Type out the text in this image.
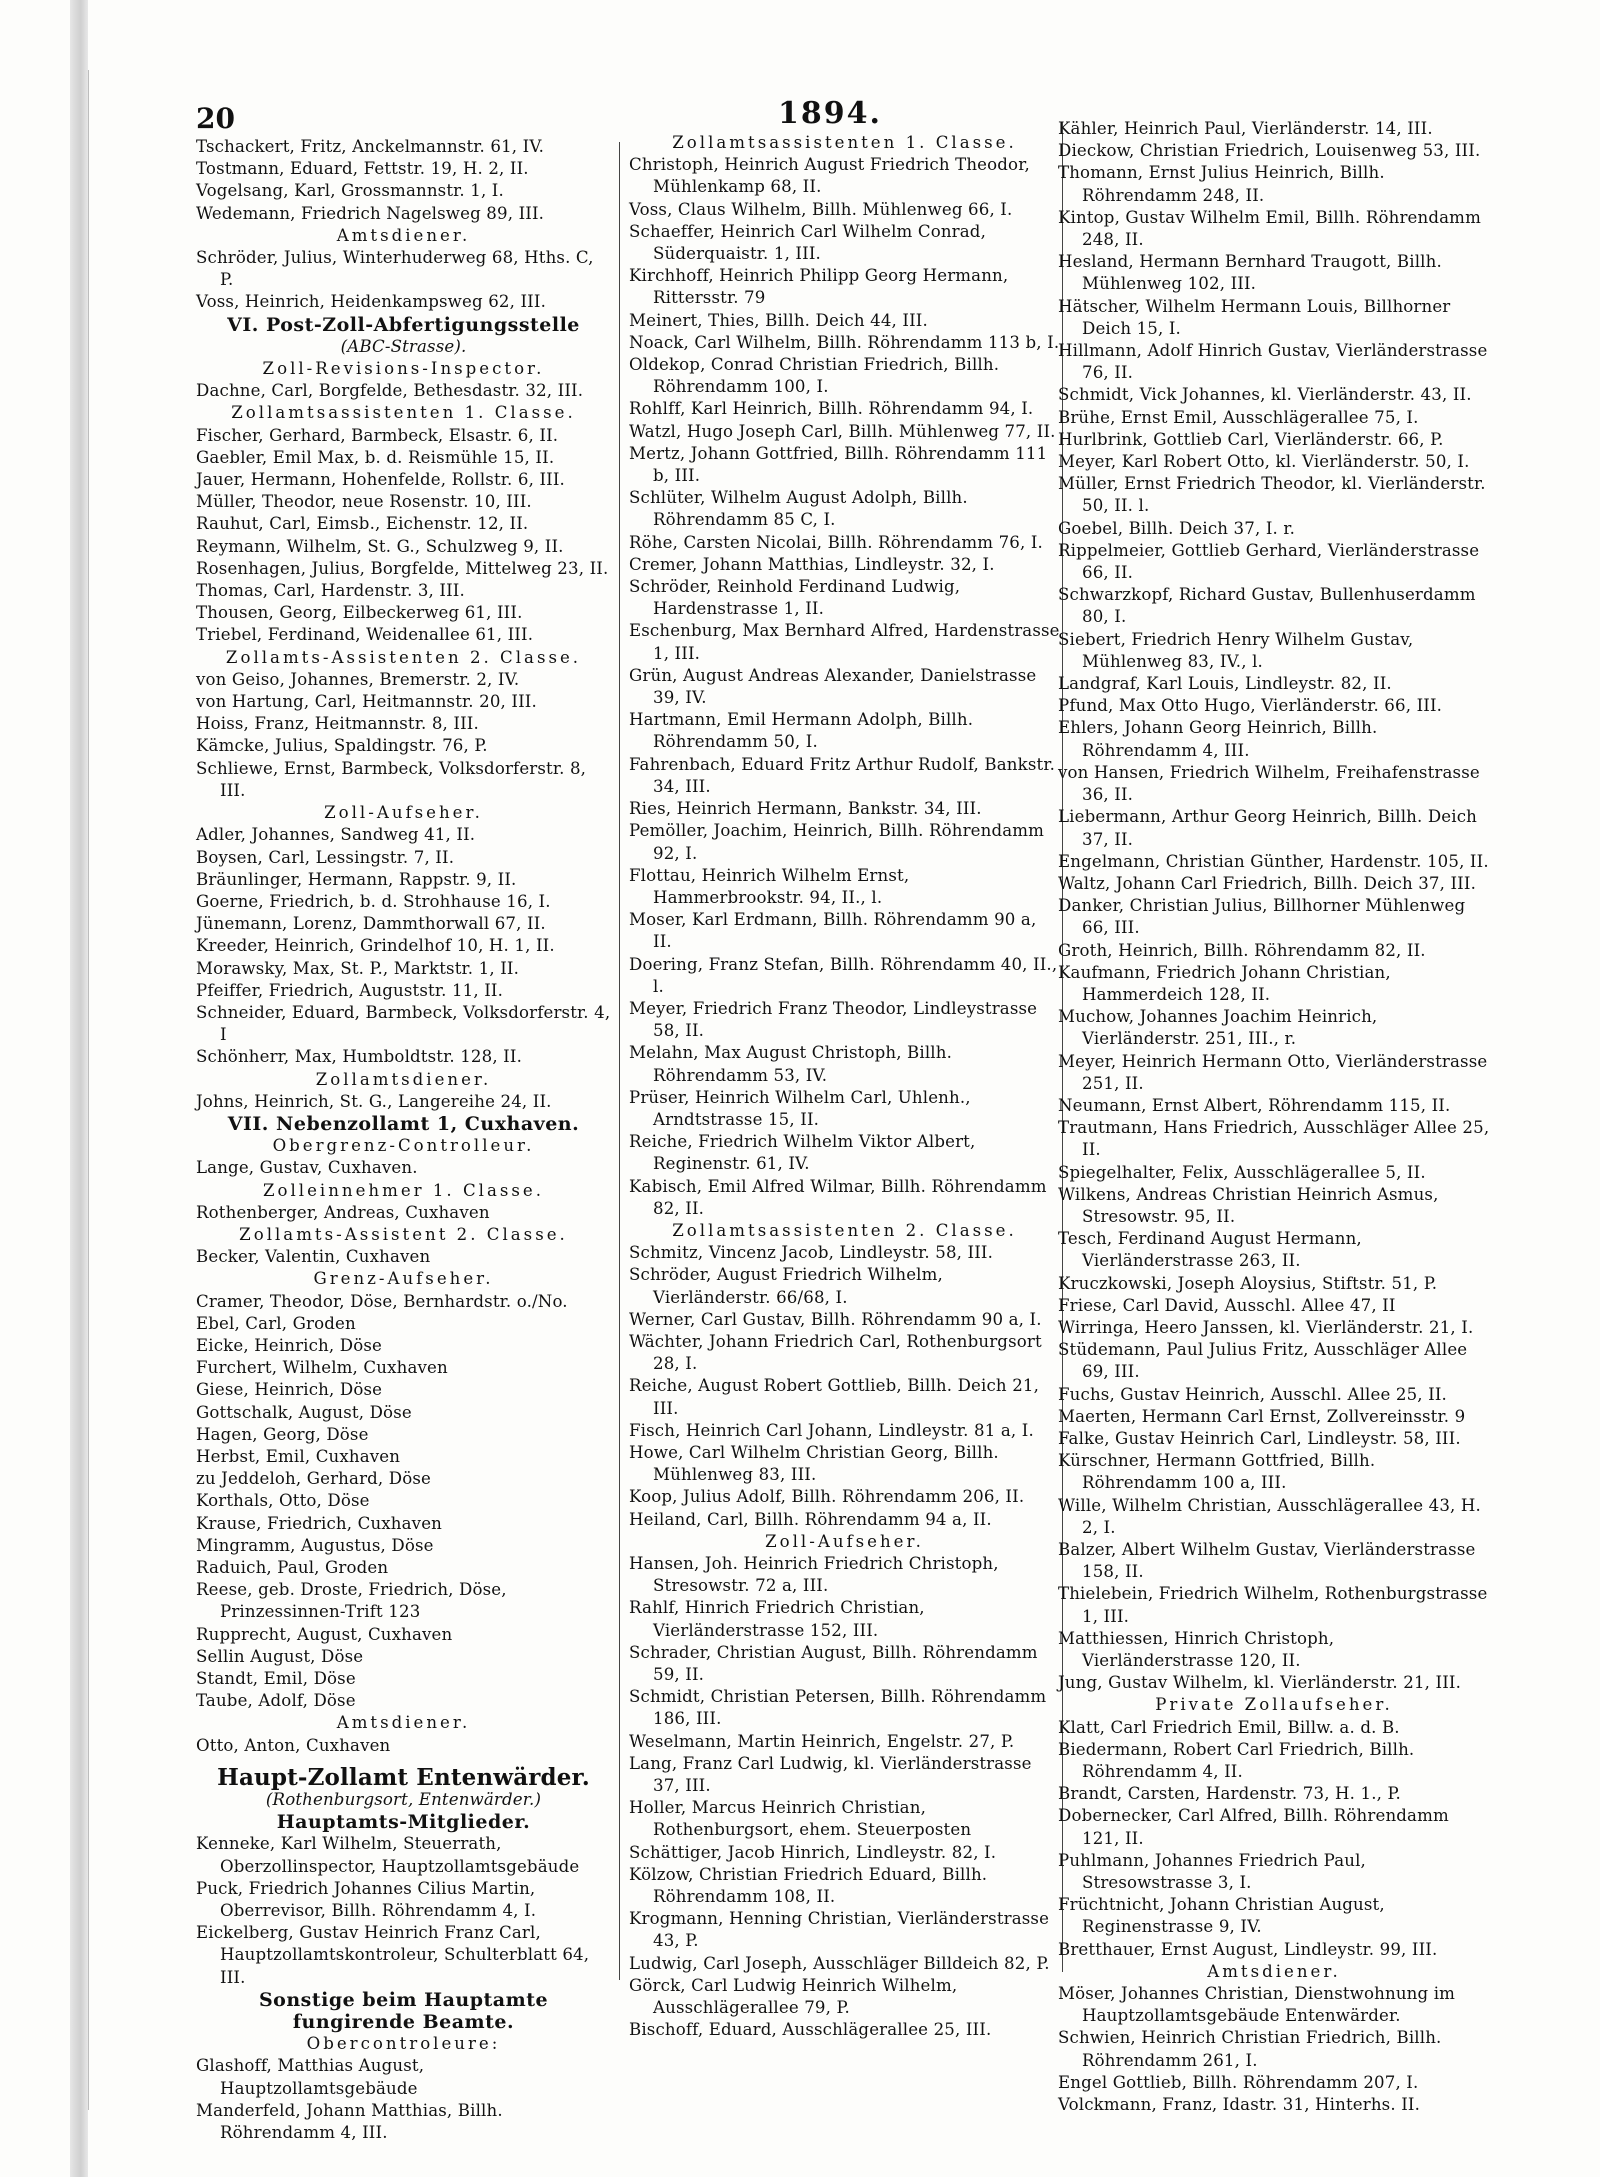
20	1894.
Tschackert, Fritz, Anckelmannstr. 61, IV.
Tostmann, Eduard, Fettstr. 19, H. 2, II.
Vogelsang, Karl, Grossmannstr. 1, I.
Wedemann, Friedrich Nagelsweg 89, III.
Amtsdiener.
Schröder, Julius, Winterhuderweg 68, Hths. C, P.
Voss, Heinrich, Heidenkampsweg 62, III.
VI. Post-Zoll-Abfertigungsstelle
(ABC-Strasse).
Zoll-Revisions-Inspector.
Dachne, Carl, Borgfelde, Bethesdastr. 32, III.
Zollamtsassistenten 1. Classe.
Fischer, Gerhard, Barmbeck, Elsastr. 6, II.
Gaebler, Emil Max, b. d. Reismühle 15, II.
Jauer, Hermann, Hohenfelde, Rollstr. 6, III.
Müller, Theodor, neue Rosenstr. 10, III.
Rauhut, Carl, Eimsb., Eichenstr. 12, II.
Reymann, Wilhelm, St. G., Schulzweg 9, II.
Rosenhagen, Julius, Borgfelde, Mittelweg 23, II.
Thomas, Carl, Hardenstr. 3, III.
Thousen, Georg, Eilbeckerweg 61, III.
Triebel, Ferdinand, Weidenallee 61, III.
Zollamts-Assistenten 2. Classe.
von Geiso, Johannes, Bremerstr. 2, IV.
von Hartung, Carl, Heitmannstr. 20, III.
Hoiss, Franz, Heitmannstr. 8, III.
Kämcke, Julius, Spaldingstr. 76, P.
Schliewe, Ernst, Barmbeck, Volksdorferstr. 8, III.
Zoll-Aufseher.
Adler, Johannes, Sandweg 41, II.
Boysen, Carl, Lessingstr. 7, II.
Bräunlinger, Hermann, Rappstr. 9, II.
Goerne, Friedrich, b. d. Strohhause 16, I.
Jünemann, Lorenz, Dammthorwall 67, II.
Kreeder, Heinrich, Grindelhof 10, H. 1, II.
Morawsky, Max, St. P., Marktstr. 1, II.
Pfeiffer, Friedrich, Auguststr. 11, II.
Schneider, Eduard, Barmbeck, Volksdorferstr. 4, I
Schönherr, Max, Humboldtstr. 128, II.
Zollamtsdiener.
Johns, Heinrich, St. G., Langereihe 24, II.
VII. Nebenzollamt 1, Cuxhaven.
Obergrenz-Controlleur.
Lange, Gustav, Cuxhaven.
Zolleinnehmer 1. Classe.
Rothenberger, Andreas, Cuxhaven
Zollamts-Assistent 2. Classe.
Becker, Valentin, Cuxhaven
Grenz-Aufseher.
Cramer, Theodor, Döse, Bernhardstr. o./No.
Ebel, Carl, Groden
Eicke, Heinrich, Döse
Furchert, Wilhelm, Cuxhaven
Giese, Heinrich, Döse
Gottschalk, August, Döse
Hagen, Georg, Döse
Herbst, Emil, Cuxhaven
zu Jeddeloh, Gerhard, Döse
Korthals, Otto, Döse
Krause, Friedrich, Cuxhaven
Mingramm, Augustus, Döse
Raduich, Paul, Groden
Reese, geb. Droste, Friedrich, Döse, Prinzessinnen-Trift 123
Rupprecht, August, Cuxhaven
Sellin August, Döse
Standt, Emil, Döse
Taube, Adolf, Döse
Amtsdiener.
Otto, Anton, Cuxhaven
Haupt-Zollamt Entenwärder.
(Rothenburgsort, Entenwärder.)
Hauptamts-Mitglieder.
Kenneke, Karl Wilhelm, Steuerrath, Oberzollinspector, Hauptzollamtsgebäude
Puck, Friedrich Johannes Cilius Martin, Oberrevisor, Billh. Röhrendamm 4, I.
Eickelberg, Gustav Heinrich Franz Carl, Hauptzollamtskontroleur, Schulterblatt 64, III.
Sonstige beim Hauptamte fungirende Beamte.
Obercontroleure:
Glashoff, Matthias August, Hauptzollamtsgebäude
Manderfeld, Johann Matthias, Billh. Röhrendamm 4, III.
Zollamtsassistenten 1. Classe.
Christoph, Heinrich August Friedrich Theodor, Mühlenkamp 68, II.
Voss, Claus Wilhelm, Billh. Mühlenweg 66, I.
Schaeffer, Heinrich Carl Wilhelm Conrad, Süderquaistr. 1, III.
Kirchhoff, Heinrich Philipp Georg Hermann, Rittersstr. 79
Meinert, Thies, Billh. Deich 44, III.
Noack, Carl Wilhelm, Billh. Röhrendamm 113 b, I.
Oldekop, Conrad Christian Friedrich, Billh. Röhrendamm 100, I.
Rohlff, Karl Heinrich, Billh. Röhrendamm 94, I.
Watzl, Hugo Joseph Carl, Billh. Mühlenweg 77, II.
Mertz, Johann Gottfried, Billh. Röhrendamm 111 b, III.
Schlüter, Wilhelm August Adolph, Billh. Röhrendamm 85 C, I.
Röhe, Carsten Nicolai, Billh. Röhrendamm 76, I.
Cremer, Johann Matthias, Lindleystr. 32, I.
Schröder, Reinhold Ferdinand Ludwig, Hardenstrasse 1, II.
Eschenburg, Max Bernhard Alfred, Hardenstrasse 1, III.
Grün, August Andreas Alexander, Danielstrasse 39, IV.
Hartmann, Emil Hermann Adolph, Billh. Röhrendamm 50, I.
Fahrenbach, Eduard Fritz Arthur Rudolf, Bankstr. 34, III.
Ries, Heinrich Hermann, Bankstr. 34, III.
Pemöller, Joachim, Heinrich, Billh. Röhrendamm 92, I.
Flottau, Heinrich Wilhelm Ernst, Hammerbrookstr. 94, II., l.
Moser, Karl Erdmann, Billh. Röhrendamm 90 a, II.
Doering, Franz Stefan, Billh. Röhrendamm 40, II., l.
Meyer, Friedrich Franz Theodor, Lindleystrasse 58, II.
Melahn, Max August Christoph, Billh. Röhrendamm 53, IV.
Prüser, Heinrich Wilhelm Carl, Uhlenh., Arndtstrasse 15, II.
Reiche, Friedrich Wilhelm Viktor Albert, Reginenstr. 61, IV.
Kabisch, Emil Alfred Wilmar, Billh. Röhrendamm 82, II.
Zollamtsassistenten 2. Classe.
Schmitz, Vincenz Jacob, Lindleystr. 58, III.
Schröder, August Friedrich Wilhelm, Vierländerstr. 66/68, I.
Werner, Carl Gustav, Billh. Röhrendamm 90 a, I.
Wächter, Johann Friedrich Carl, Rothenburgsort 28, I.
Reiche, August Robert Gottlieb, Billh. Deich 21, III.
Fisch, Heinrich Carl Johann, Lindleystr. 81 a, I.
Howe, Carl Wilhelm Christian Georg, Billh. Mühlenweg 83, III.
Koop, Julius Adolf, Billh. Röhrendamm 206, II.
Heiland, Carl, Billh. Röhrendamm 94 a, II.
Zoll-Aufseher.
Hansen, Joh. Heinrich Friedrich Christoph, Stresowstr. 72 a, III.
Rahlf, Hinrich Friedrich Christian, Vierländerstrasse 152, III.
Schrader, Christian August, Billh. Röhrendamm 59, II.
Schmidt, Christian Petersen, Billh. Röhrendamm 186, III.
Weselmann, Martin Heinrich, Engelstr. 27, P.
Lang, Franz Carl Ludwig, kl. Vierländerstrasse 37, III.
Holler, Marcus Heinrich Christian, Rothenburgsort, ehem. Steuerposten
Schättiger, Jacob Hinrich, Lindleystr. 82, I.
Kölzow, Christian Friedrich Eduard, Billh. Röhrendamm 108, II.
Krogmann, Henning Christian, Vierländerstrasse 43, P.
Ludwig, Carl Joseph, Ausschläger Billdeich 82, P.
Görck, Carl Ludwig Heinrich Wilhelm, Ausschlägerallee 79, P.
Bischoff, Eduard, Ausschlägerallee 25, III.
Kähler, Heinrich Paul, Vierländerstr. 14, III.
Dieckow, Christian Friedrich, Louisenweg 53, III.
Thomann, Ernst Julius Heinrich, Billh. Röhrendamm 248, II.
Kintop, Gustav Wilhelm Emil, Billh. Röhrendamm 248, II.
Hesland, Hermann Bernhard Traugott, Billh. Mühlenweg 102, III.
Hätscher, Wilhelm Hermann Louis, Billhorner Deich 15, I.
Hillmann, Adolf Hinrich Gustav, Vierländerstrasse 76, II.
Schmidt, Vick Johannes, kl. Vierländerstr. 43, II.
Brühe, Ernst Emil, Ausschlägerallee 75, I.
Hurlbrink, Gottlieb Carl, Vierländerstr. 66, P.
Meyer, Karl Robert Otto, kl. Vierländerstr. 50, I.
Müller, Ernst Friedrich Theodor, kl. Vierländerstr. 50, II. l.
Goebel, Billh. Deich 37, I. r.
Rippelmeier, Gottlieb Gerhard, Vierländerstrasse 66, II.
Schwarzkopf, Richard Gustav, Bullenhuserdamm 80, I.
Siebert, Friedrich Henry Wilhelm Gustav, Mühlenweg 83, IV., l.
Landgraf, Karl Louis, Lindleystr. 82, II.
Pfund, Max Otto Hugo, Vierländerstr. 66, III.
Ehlers, Johann Georg Heinrich, Billh. Röhrendamm 4, III.
von Hansen, Friedrich Wilhelm, Freihafenstrasse 36, II.
Liebermann, Arthur Georg Heinrich, Billh. Deich 37, II.
Engelmann, Christian Günther, Hardenstr. 105, II.
Waltz, Johann Carl Friedrich, Billh. Deich 37, III.
Danker, Christian Julius, Billhorner Mühlenweg 66, III.
Groth, Heinrich, Billh. Röhrendamm 82, II.
Kaufmann, Friedrich Johann Christian, Hammerdeich 128, II.
Muchow, Johannes Joachim Heinrich, Vierländerstr. 251, III., r.
Meyer, Heinrich Hermann Otto, Vierländerstrasse 251, II.
Neumann, Ernst Albert, Röhrendamm 115, II.
Trautmann, Hans Friedrich, Ausschläger Allee 25, II.
Spiegelhalter, Felix, Ausschlägerallee 5, II.
Wilkens, Andreas Christian Heinrich Asmus, Stresowstr. 95, II.
Tesch, Ferdinand August Hermann, Vierländerstrasse 263, II.
Kruczkowski, Joseph Aloysius, Stiftstr. 51, P.
Friese, Carl David, Ausschl. Allee 47, II
Wirringa, Heero Janssen, kl. Vierländerstr. 21, I.
Stüdemann, Paul Julius Fritz, Ausschläger Allee 69, III.
Fuchs, Gustav Heinrich, Ausschl. Allee 25, II.
Maerten, Hermann Carl Ernst, Zollvereinsstr. 9
Falke, Gustav Heinrich Carl, Lindleystr. 58, III.
Kürschner, Hermann Gottfried, Billh. Röhrendamm 100 a, III.
Wille, Wilhelm Christian, Ausschlägerallee 43, H. 2, I.
Balzer, Albert Wilhelm Gustav, Vierländerstrasse 158, II.
Thielebein, Friedrich Wilhelm, Rothenburgstrasse 1, III.
Matthiessen, Hinrich Christoph, Vierländerstrasse 120, II.
Jung, Gustav Wilhelm, kl. Vierländerstr. 21, III.
Private Zollaufseher.
Klatt, Carl Friedrich Emil, Billw. a. d. B.
Biedermann, Robert Carl Friedrich, Billh. Röhrendamm 4, II.
Brandt, Carsten, Hardenstr. 73, H. 1., P.
Dobernecker, Carl Alfred, Billh. Röhrendamm 121, II.
Puhlmann, Johannes Friedrich Paul, Stresowstrasse 3, I.
Früchtnicht, Johann Christian August, Reginenstrasse 9, IV.
Bretthauer, Ernst August, Lindleystr. 99, III.
Amtsdiener.
Möser, Johannes Christian, Dienstwohnung im Hauptzollamtsgebäude Entenwärder.
Schwien, Heinrich Christian Friedrich, Billh. Röhrendamm 261, I.
Engel Gottlieb, Billh. Röhrendamm 207, I.
Volckmann, Franz, Idastr. 31, Hinterhs. II.
